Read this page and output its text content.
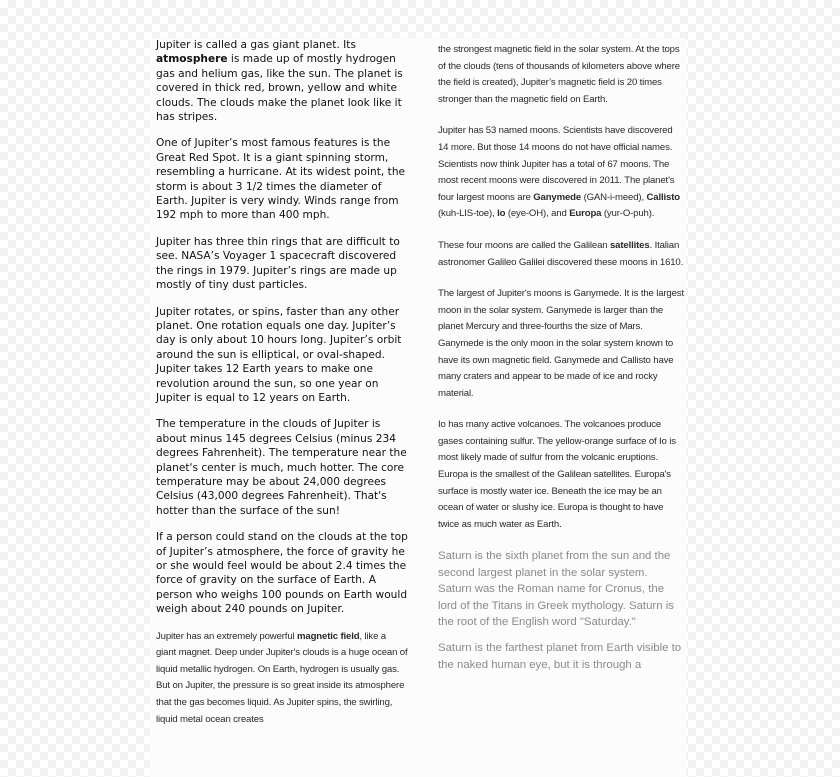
Jupiter is called a gas giant planet. Its atmosphere is made up of mostly hydrogen gas and helium gas, like the sun. The planet is covered in thick red, brown, yellow and white clouds. The clouds make the planet look like it has stripes.

One of Jupiter’s most famous features is the Great Red Spot. It is a giant spinning storm, resembling a hurricane. At its widest point, the storm is about 3 1/2 times the diameter of Earth. Jupiter is very windy. Winds range from 192 mph to more than 400 mph.

Jupiter has three thin rings that are difficult to see. NASA’s Voyager 1 spacecraft discovered the rings in 1979. Jupiter’s rings are made up mostly of tiny dust particles.

Jupiter rotates, or spins, faster than any other planet. One rotation equals one day. Jupiter’s day is only about 10 hours long. Jupiter’s orbit around the sun is elliptical, or oval-shaped. Jupiter takes 12 Earth years to make one revolution around the sun, so one year on Jupiter is equal to 12 years on Earth.

The temperature in the clouds of Jupiter is about minus 145 degrees Celsius (minus 234 degrees Fahrenheit). The temperature near the planet's center is much, much hotter. The core temperature may be about 24,000 degrees Celsius (43,000 degrees Fahrenheit). That's hotter than the surface of the sun!

If a person could stand on the clouds at the top of Jupiter’s atmosphere, the force of gravity he or she would feel would be about 2.4 times the force of gravity on the surface of Earth. A person who weighs 100 pounds on Earth would weigh about 240 pounds on Jupiter.

Jupiter has an extremely powerful magnetic field, like a giant magnet. Deep under Jupiter's clouds is a huge ocean of liquid metallic hydrogen. On Earth, hydrogen is usually gas. But on Jupiter, the pressure is so great inside its atmosphere that the gas becomes liquid. As Jupiter spins, the swirling, liquid metal ocean creates

the strongest magnetic field in the solar system. At the tops of the clouds (tens of thousands of kilometers above where the field is created), Jupiter’s magnetic field is 20 times stronger than the magnetic field on Earth.

Jupiter has 53 named moons. Scientists have discovered 14 more. But those 14 moons do not have official names. Scientists now think Jupiter has a total of 67 moons. The most recent moons were discovered in 2011. The planet's four largest moons are Ganymede (GAN-i-meed), Callisto (kuh-LIS-toe), Io (eye-OH), and Europa (yur-O-puh).

These four moons are called the Galilean satellites. Italian astronomer Galileo Galilei discovered these moons in 1610.

The largest of Jupiter's moons is Ganymede. It is the largest moon in the solar system. Ganymede is larger than the planet Mercury and three-fourths the size of Mars. Ganymede is the only moon in the solar system known to have its own magnetic field. Ganymede and Callisto have many craters and appear to be made of ice and rocky material.

Io has many active volcanoes. The volcanoes produce gases containing sulfur. The yellow-orange surface of Io is most likely made of sulfur from the volcanic eruptions. Europa is the smallest of the Galilean satellites. Europa's surface is mostly water ice. Beneath the ice may be an ocean of water or slushy ice. Europa is thought to have twice as much water as Earth.

Saturn is the sixth planet from the sun and the second largest planet in the solar system. Saturn was the Roman name for Cronus, the lord of the Titans in Greek mythology. Saturn is the root of the English word "Saturday."

Saturn is the farthest planet from Earth visible to the naked human eye, but it is through a
